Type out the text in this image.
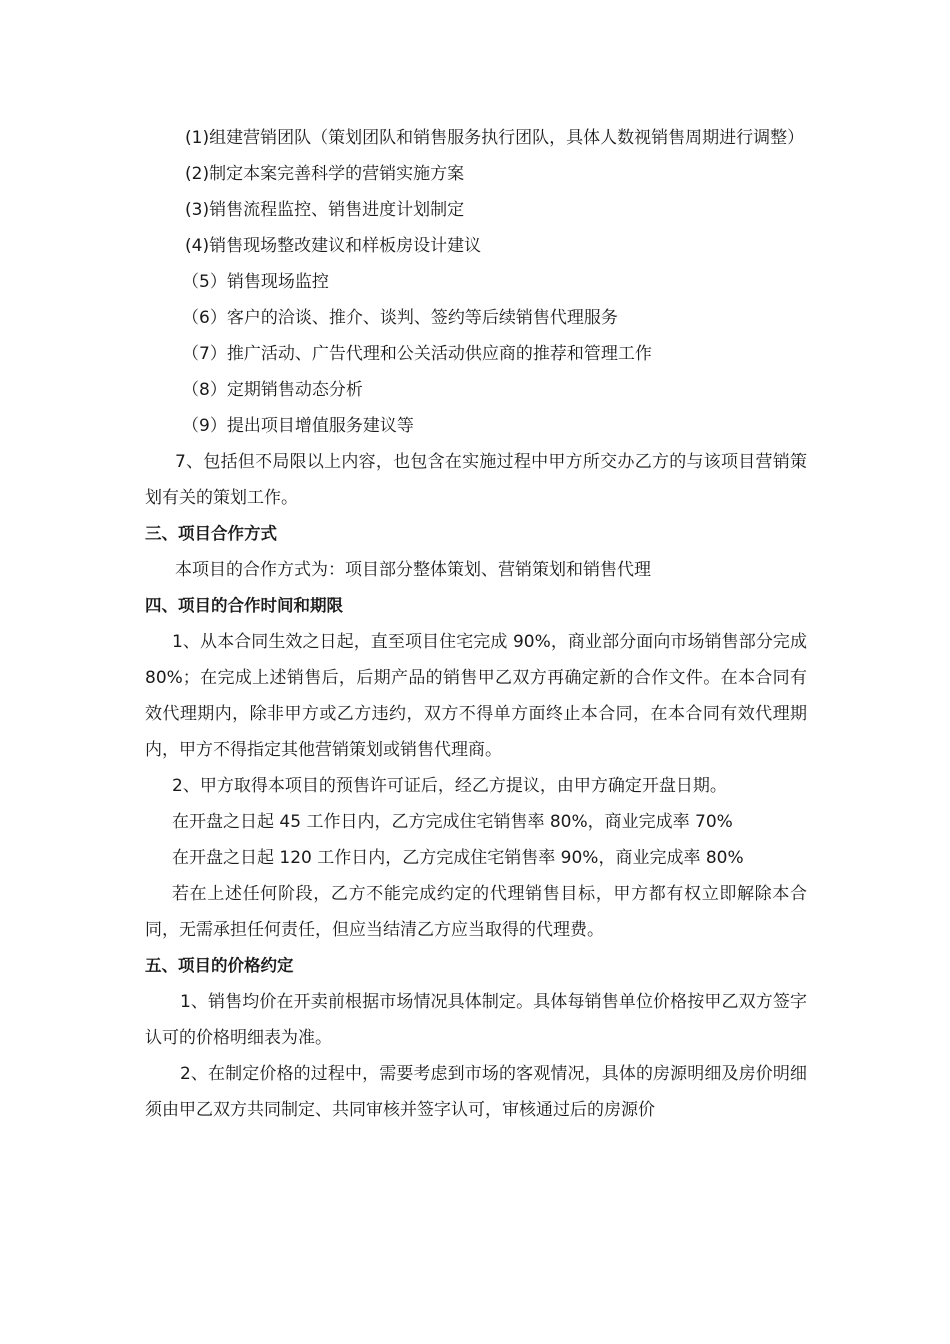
(1)组建营销团队（策划团队和销售服务执行团队，具体人数视销售周期进行调整）

(2)制定本案完善科学的营销实施方案

(3)销售流程监控、销售进度计划制定

(4)销售现场整改建议和样板房设计建议

（5）销售现场监控

（6）客户的洽谈、推介、谈判、签约等后续销售代理服务

（7）推广活动、广告代理和公关活动供应商的推荐和管理工作

（8）定期销售动态分析

（9）提出项目增值服务建议等

7、包括但不局限以上内容，也包含在实施过程中甲方所交办乙方的与该项目营销策划有关的策划工作。

三、项目合作方式

本项目的合作方式为：项目部分整体策划、营销策划和销售代理

四、项目的合作时间和期限

1、从本合同生效之日起，直至项目住宅完成 90%，商业部分面向市场销售部分完成 80%；在完成上述销售后，后期产品的销售甲乙双方再确定新的合作文件。在本合同有效代理期内，除非甲方或乙方违约，双方不得单方面终止本合同，在本合同有效代理期内，甲方不得指定其他营销策划或销售代理商。

2、甲方取得本项目的预售许可证后，经乙方提议，由甲方确定开盘日期。

在开盘之日起 45 工作日内，乙方完成住宅销售率 80%，商业完成率 70%

在开盘之日起 120 工作日内，乙方完成住宅销售率 90%，商业完成率 80%

若在上述任何阶段，乙方不能完成约定的代理销售目标，甲方都有权立即解除本合同，无需承担任何责任，但应当结清乙方应当取得的代理费。

五、项目的价格约定

1、销售均价在开卖前根据市场情况具体制定。具体每销售单位价格按甲乙双方签字认可的价格明细表为准。

2、在制定价格的过程中，需要考虑到市场的客观情况，具体的房源明细及房价明细须由甲乙双方共同制定、共同审核并签字认可，审核通过后的房源价
